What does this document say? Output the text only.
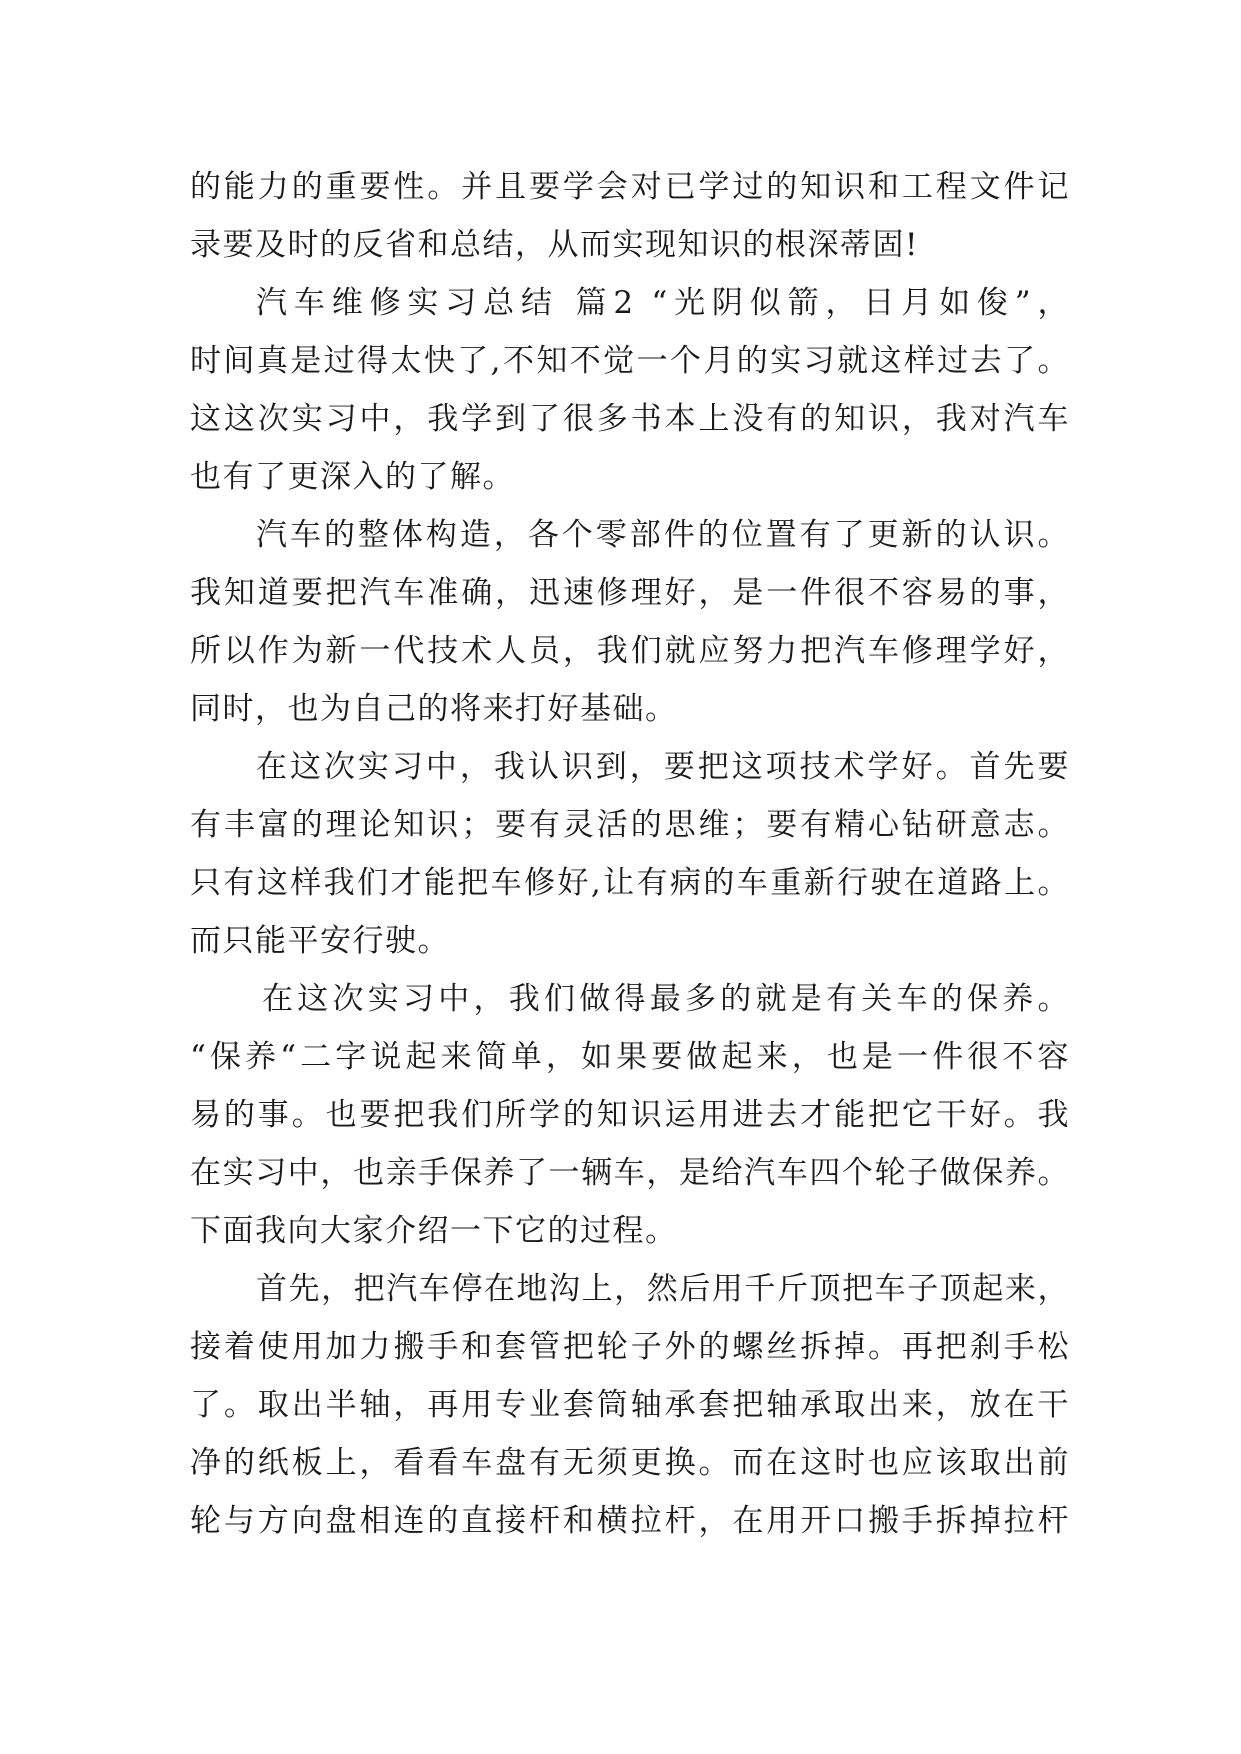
的能力的重要性。并且要学会对已学过的知识和工程文件记
录要及时的反省和总结，从而实现知识的根深蒂固!
汽车维修实习总结 篇2 “光阴似箭，日月如俊”，
时间真是过得太快了,不知不觉一个月的实习就这样过去了。
这这次实习中，我学到了很多书本上没有的知识，我对汽车
也有了更深入的了解。
汽车的整体构造，各个零部件的位置有了更新的认识。
我知道要把汽车准确，迅速修理好，是一件很不容易的事，
所以作为新一代技术人员，我们就应努力把汽车修理学好，
同时，也为自己的将来打好基础。
在这次实习中，我认识到，要把这项技术学好。首先要
有丰富的理论知识；要有灵活的思维；要有精心钻研意志。
只有这样我们才能把车修好,让有病的车重新行驶在道路上。
而只能平安行驶。
在这次实习中，我们做得最多的就是有关车的保养。
“保养“二字说起来简单，如果要做起来，也是一件很不容
易的事。也要把我们所学的知识运用进去才能把它干好。我
在实习中，也亲手保养了一辆车，是给汽车四个轮子做保养。
下面我向大家介绍一下它的过程。
首先，把汽车停在地沟上，然后用千斤顶把车子顶起来，
接着使用加力搬手和套管把轮子外的螺丝拆掉。再把刹手松
了。取出半轴，再用专业套筒轴承套把轴承取出来，放在干
净的纸板上，看看车盘有无须更换。而在这时也应该取出前
轮与方向盘相连的直接杆和横拉杆，在用开口搬手拆掉拉杆
